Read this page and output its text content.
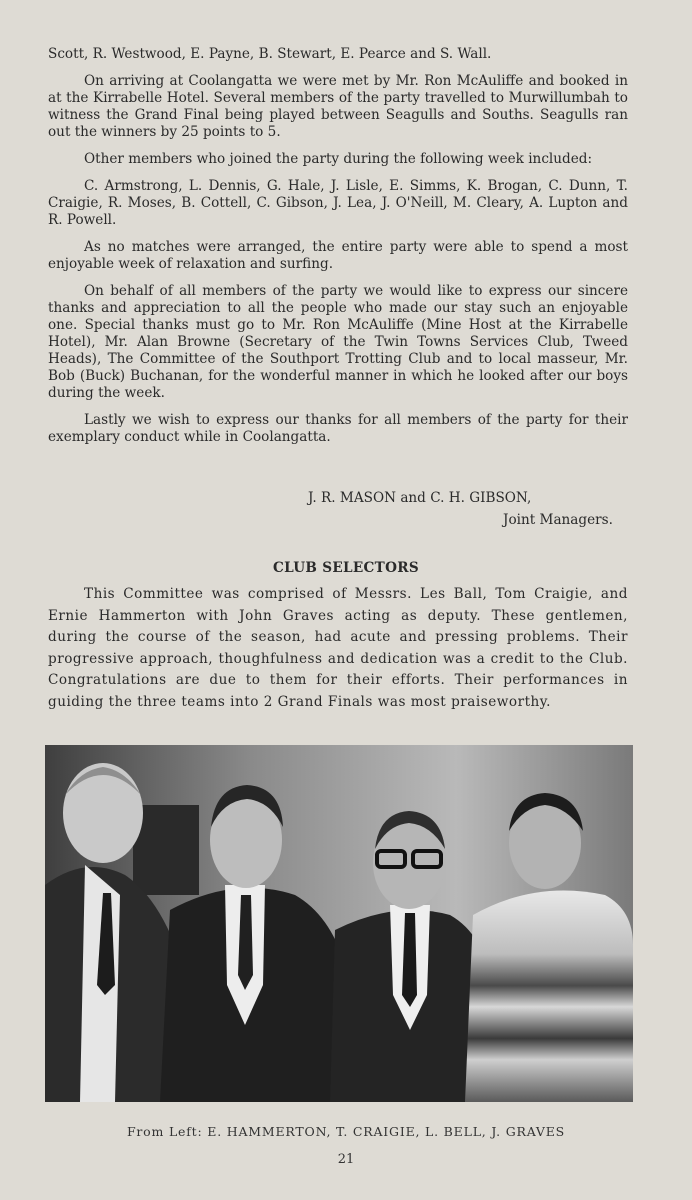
Scott, R. Westwood, E. Payne, B. Stewart, E. Pearce and S. Wall.

On arriving at Coolangatta we were met by Mr. Ron McAuliffe and booked in at the Kirrabelle Hotel. Several members of the party travelled to Murwillumbah to witness the Grand Final being played between Seagulls and Souths. Seagulls ran out the winners by 25 points to 5.

Other members who joined the party during the following week included:

C. Armstrong, L. Dennis, G. Hale, J. Lisle, E. Simms, K. Brogan, C. Dunn, T. Craigie, R. Moses, B. Cottell, C. Gibson, J. Lea, J. O'Neill, M. Cleary, A. Lupton and R. Powell.

As no matches were arranged, the entire party were able to spend a most enjoyable week of relaxation and surfing.

On behalf of all members of the party we would like to express our sincere thanks and appreciation to all the people who made our stay such an enjoyable one. Special thanks must go to Mr. Ron McAuliffe (Mine Host at the Kirrabelle Hotel), Mr. Alan Browne (Secretary of the Twin Towns Services Club, Tweed Heads), The Committee of the Southport Trotting Club and to local masseur, Mr. Bob (Buck) Buchanan, for the wonderful manner in which he looked after our boys during the week.

Lastly we wish to express our thanks for all members of the party for their exemplary conduct while in Coolangatta.

J. R. MASON and C. H. GIBSON,
Joint Managers.
CLUB SELECTORS

This Committee was comprised of Messrs. Les Ball, Tom Craigie, and Ernie Hammerton with John Graves acting as deputy. These gentlemen, during the course of the season, had acute and pressing problems. Their progressive approach, thoughfulness and dedication was a credit to the Club. Congratulations are due to them for their efforts. Their performances in guiding the three teams into 2 Grand Finals was most praiseworthy.

From Left: E. HAMMERTON, T. CRAIGIE, L. BELL, J. GRAVES
21
